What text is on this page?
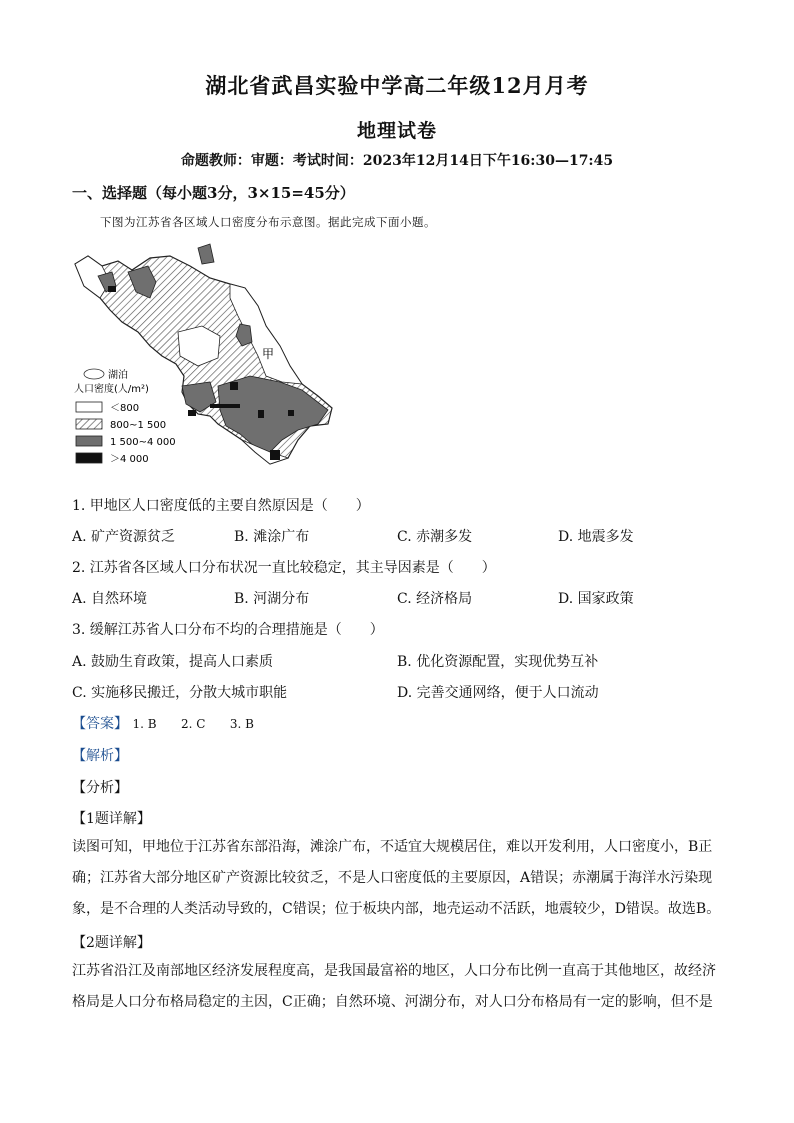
湖北省武昌实验中学高二年级12月月考
地理试卷
命题教师：审题：考试时间：2023年12月14日下午16:30—17:45
一、选择题（每小题3分，3×15=45分）
下图为江苏省各区域人口密度分布示意图。据此完成下面小题。
甲
湖泊
人口密度(人/m²)
＜800
800~1 500
1 500~4 000
＞4 000
1. 甲地区人口密度低的主要自然原因是（　　）
A. 矿产资源贫乏	B. 滩涂广布	C. 赤潮多发	D. 地震多发
2. 江苏省各区域人口分布状况一直比较稳定，其主导因素是（　　）
A. 自然环境	B. 河湖分布	C. 经济格局	D. 国家政策
3. 缓解江苏省人口分布不均的合理措施是（　　）
A. 鼓励生育政策，提高人口素质	B. 优化资源配置，实现优势互补
C. 实施移民搬迁，分散大城市职能	D. 完善交通网络，便于人口流动
【答案】 1. B 2. C 3. B
【解析】
【分析】
【1题详解】
读图可知，甲地位于江苏省东部沿海，滩涂广布，不适宜大规模居住，难以开发利用，人口密度小，B正
确；江苏省大部分地区矿产资源比较贫乏，不是人口密度低的主要原因，A错误；赤潮属于海洋水污染现
象，是不合理的人类活动导致的，C错误；位于板块内部，地壳运动不活跃，地震较少，D错误。故选B。
【2题详解】
江苏省沿江及南部地区经济发展程度高，是我国最富裕的地区，人口分布比例一直高于其他地区，故经济
格局是人口分布格局稳定的主因，C正确；自然环境、河湖分布，对人口分布格局有一定的影响，但不是
